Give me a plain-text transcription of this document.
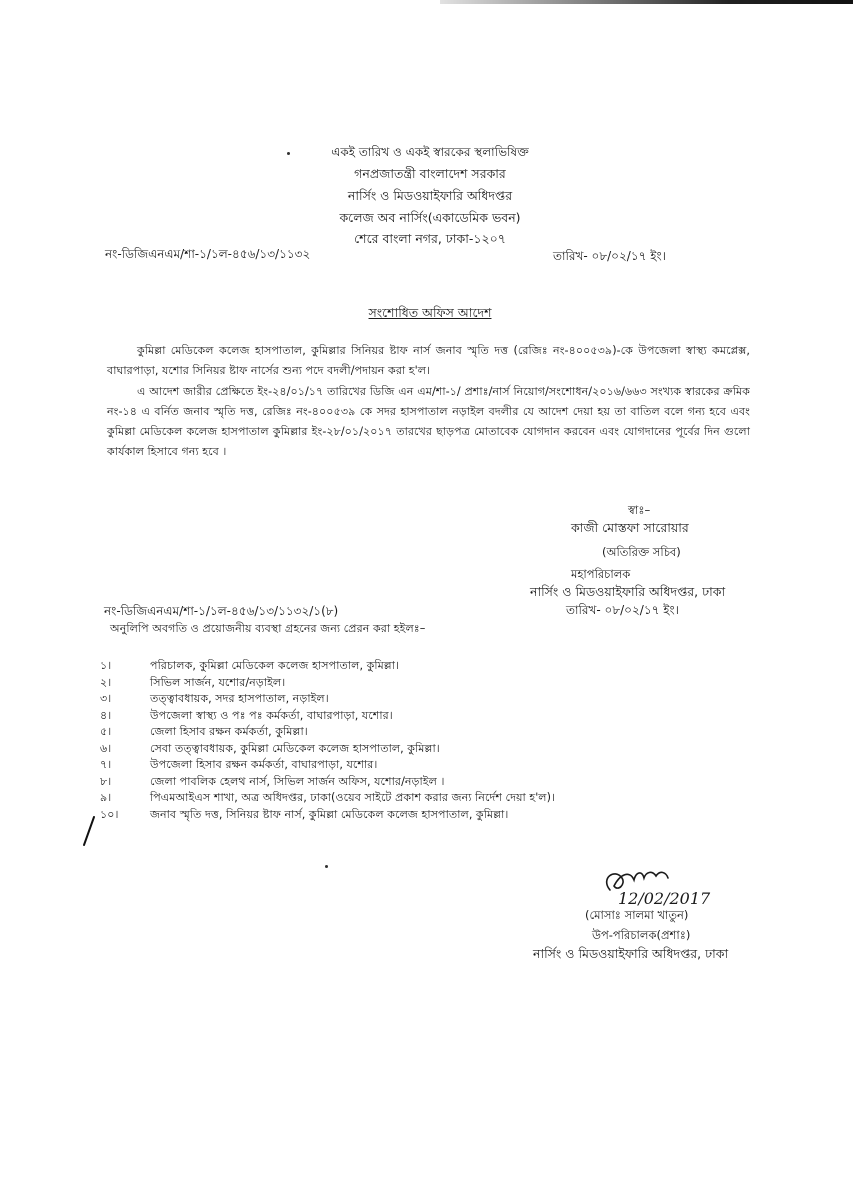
একই তারিখ ও একই স্বারকের স্থলাভিষিক্ত
গনপ্রজাতন্ত্রী বাংলাদেশ সরকার
নার্সিং ও মিডওয়াইফারি অধিদপ্তর
কলেজ অব নার্সিং(একাডেমিক ভবন)
শেরে বাংলা নগর, ঢাকা-১২০৭
নং-ডিজিএনএম/শা-১/১ল-৪৫৬/১৩/১১৩২	তারিখ- ০৮/০২/১৭ ইং।
সংশোধিত অফিস আদেশ
কুমিল্লা মেডিকেল কলেজ হাসপাতাল, কুমিল্লার সিনিয়র ষ্টাফ নার্স জনাব স্মৃতি দত্ত (রেজিঃ নং-৪০০৫৩৯)-কে উপজেলা স্বাস্থ্য কমপ্লেক্স, বাঘারপাড়া, যশোর সিনিয়র ষ্টাফ নার্সের শুন্য পদে বদলী/পদায়ন করা হ'ল।
এ আদেশ জারীর প্রেক্ষিতে ইং-২৪/০১/১৭ তারিখের ডিজি এন এম/শা-১/ প্রশাঃ/নার্স নিয়োগ/সংশোধন/২০১৬/৬৬৩ সংখ্যক স্বারকের ক্রমিক নং-১৪ এ বর্নিত জনাব স্মৃতি দত্ত, রেজিঃ নং-৪০০৫৩৯ কে সদর হাসপাতাল নড়াইল বদলীর যে আদেশ দেয়া হয় তা বাতিল বলে গন্য হবে এবং কুমিল্লা মেডিকেল কলেজ হাসপাতাল কুমিল্লার ইং-২৮/০১/২০১৭ তারখের ছাড়পত্র মোতাবেক যোগদান করবেন এবং যোগদানের পূর্বের দিন গুলো কার্যকাল হিসাবে গন্য হবে ।
স্বাঃ–
কাজী মোস্তফা সারোয়ার
(অতিরিক্ত সচিব)
মহাপরিচালক
নার্সিং ও মিডওয়াইফারি অধিদপ্তর, ঢাকা
তারিখ- ০৮/০২/১৭ ইং।
নং-ডিজিএনএম/শা-১/১ল-৪৫৬/১৩/১১৩২/১(৮)
অনুলিপি অবগতি ও প্রয়োজনীয় ব্যবস্থা গ্রহনের জন্য প্রেরন করা হইলঃ–
১।	পরিচালক, কুমিল্লা মেডিকেল কলেজ হাসপাতাল, কুমিল্লা।
২।	সিভিল সার্জন, যশোর/নড়াইল।
৩।	তত্ত্বাবধায়ক, সদর হাসপাতাল, নড়াইল।
৪।	উপজেলা স্বাস্থ্য ও পঃ পঃ কর্মকর্তা, বাঘারপাড়া, যশোর।
৫।	জেলা হিসাব রক্ষন কর্মকর্তা, কুমিল্লা।
৬।	সেবা তত্ত্বাবধায়ক, কুমিল্লা মেডিকেল কলেজ হাসপাতাল, কুমিল্লা।
৭।	উপজেলা হিসাব রক্ষন কর্মকর্তা, বাঘারপাড়া, যশোর।
৮।	জেলা পাবলিক হেলথ নার্স, সিভিল সার্জন অফিস, যশোর/নড়াইল ।
৯।	পিএমআইএস শাখা, অত্র অধিদপ্তর, ঢাকা(ওয়েব সাইটে প্রকাশ করার জন্য নির্দেশ দেয়া হ'ল)।
১০।	জনাব স্মৃতি দত্ত, সিনিয়র ষ্টাফ নার্স, কুমিল্লা মেডিকেল কলেজ হাসপাতাল, কুমিল্লা।
12/02/2017
(মোসাঃ সালমা খাতুন)
উপ-পরিচালক(প্রশাঃ)
নার্সিং ও মিডওয়াইফারি অধিদপ্তর, ঢাকা
